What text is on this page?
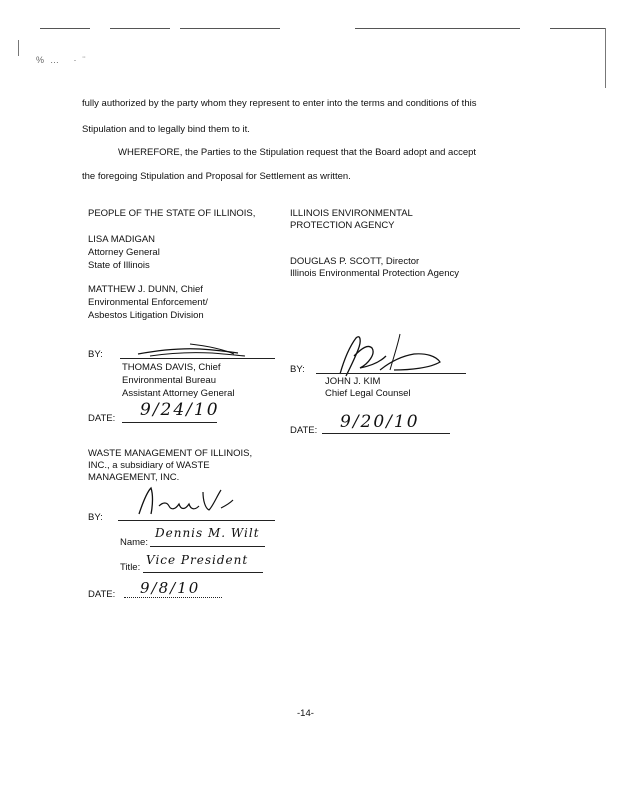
%… ·¨
fully authorized by the party whom they represent to enter into the terms and conditions of this
Stipulation and to legally bind them to it.
WHEREFORE, the Parties to the Stipulation request that the Board adopt and accept
the foregoing Stipulation and Proposal for Settlement as written.
PEOPLE OF THE STATE OF ILLINOIS,
LISA MADIGAN
Attorney General
State of Illinois
MATTHEW J. DUNN, Chief
Environmental Enforcement/
Asbestos Litigation Division
BY:
THOMAS DAVIS, Chief
Environmental Bureau
Assistant Attorney General
DATE: 9/24/10
ILLINOIS ENVIRONMENTAL
PROTECTION AGENCY
DOUGLAS P. SCOTT, Director
Illinois Environmental Protection Agency
BY:
JOHN J. KIM
Chief Legal Counsel
DATE: 9/20/10
WASTE MANAGEMENT OF ILLINOIS,
INC., a subsidiary of WASTE
MANAGEMENT, INC.
BY:
Name:
Dennis M. Wilt
Title:
Vice President
DATE: 9/8/10
-14-
